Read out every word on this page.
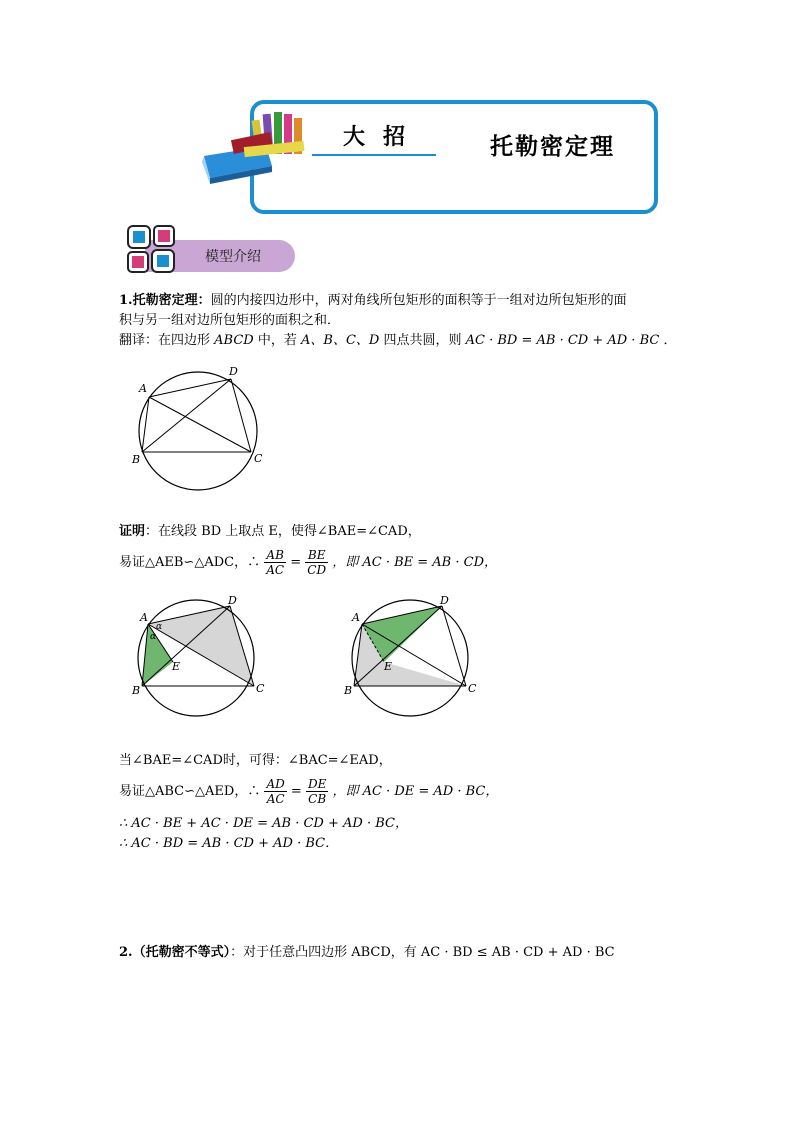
大招	托勒密定理
模型介绍
1.托勒密定理：圆的内接四边形中，两对角线所包矩形的面积等于一组对边所包矩形的面
积与另一组对边所包矩形的面积之和．
翻译：在四边形 ABCD 中，若 A、B、C、D 四点共圆，则 AC · BD = AB · CD + AD · BC ．
A
D
B	C
证明：在线段 BD 上取点 E，使得∠BAE=∠CAD，
易证△AEB∽△ADC，∴ $\frac{AB}{AC} = \frac{BE}{CD}$ ，即 AC · BE = AB · CD，
A
D
B	C
E
α
α
A
D
B	C
E
当∠BAE=∠CAD时，可得：∠BAC=∠EAD，
易证△ABC∽△AED，∴ $\frac{AD}{AC} = \frac{DE}{CB}$ ，即 AC · DE = AD · BC，
∴ AC · BE + AC · DE = AB · CD + AD · BC，
∴ AC · BD = AB · CD + AD · BC．
2.（托勒密不等式）：对于任意凸四边形 ABCD，有 AC · BD ≤ AB · CD + AD · BC
